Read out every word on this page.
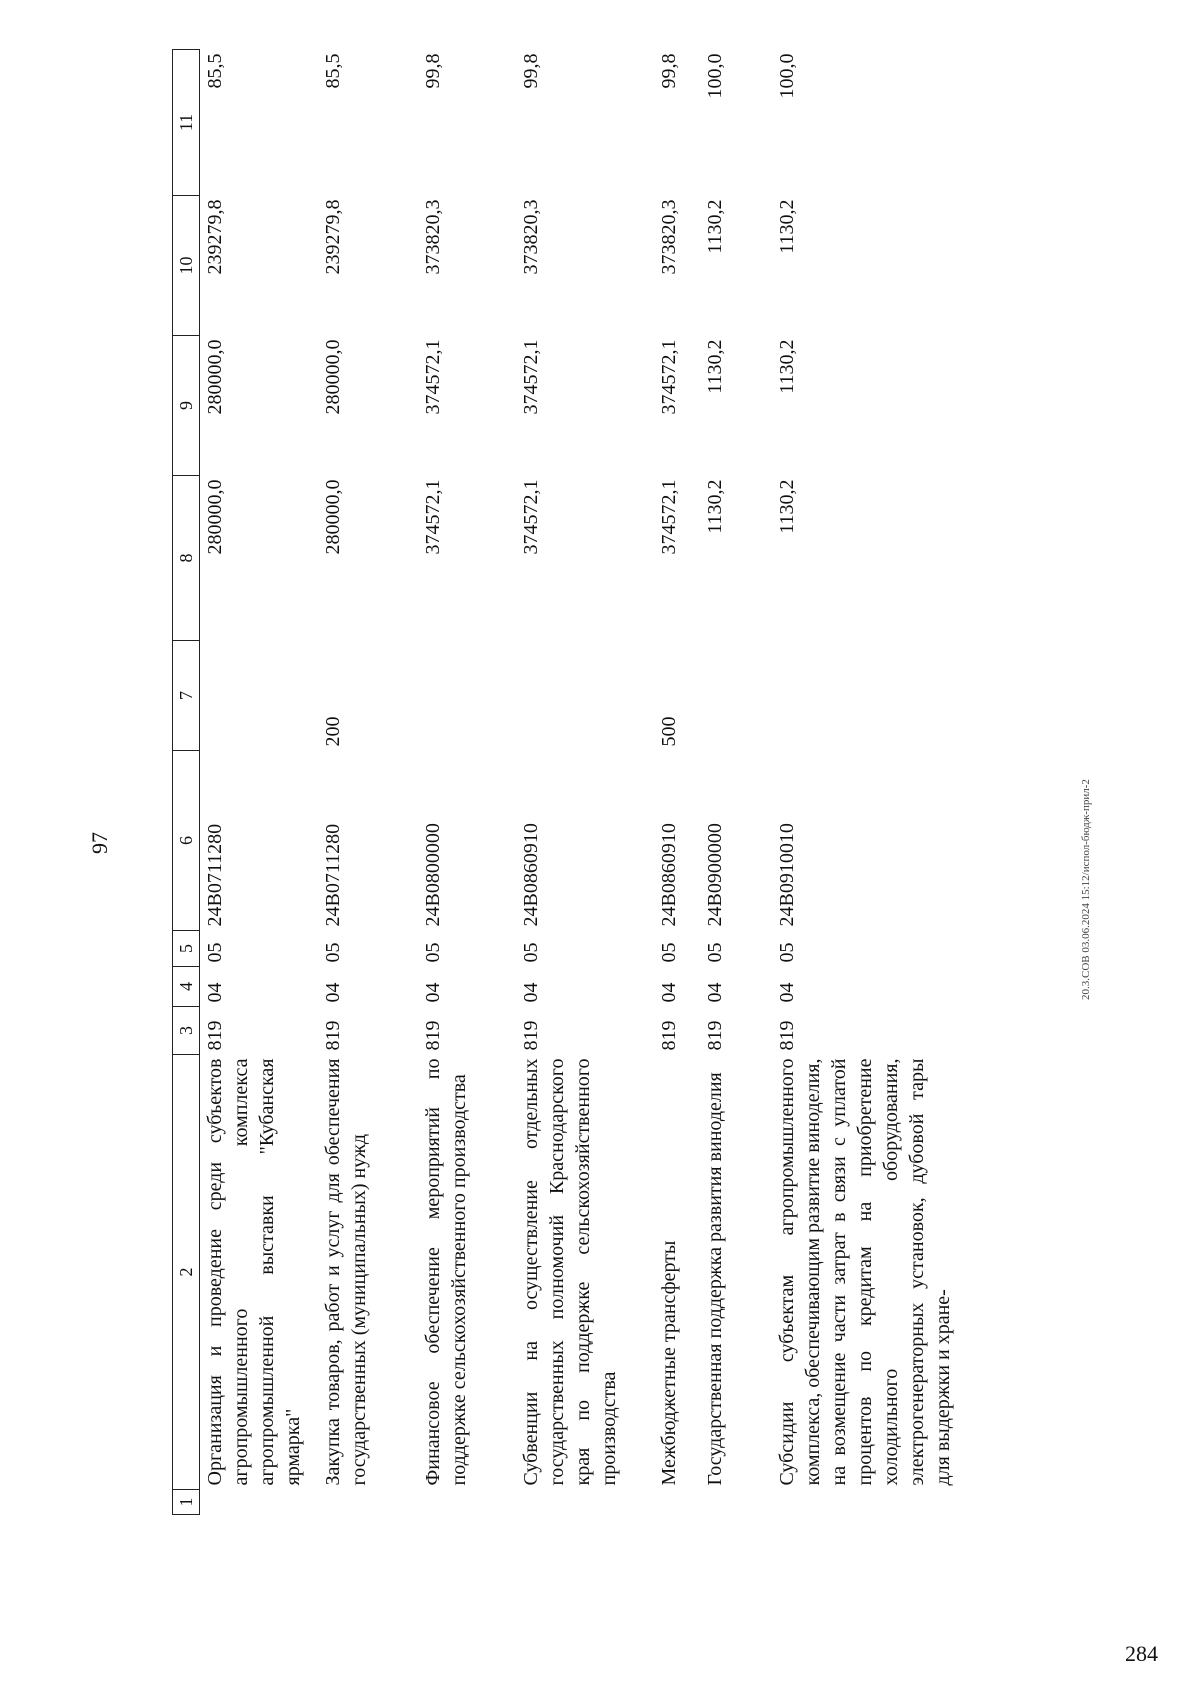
97	20.3.СОВ 03.06.2024 15:12/испол-бюдж-прил-2
284
1	2	3	4	5	6	7	8	9	10	11
	Организация и проведение среди субъектов агропромышленного комплекса агропромышленной выставки "Кубанская ярмарка"	819	04	05	24В0711280		280000,0	280000,0	239279,8	85,5
	Закупка товаров, работ и услуг для обеспечения государственных (муниципальных) нужд	819	04	05	24В0711280	200	280000,0	280000,0	239279,8	85,5
	Финансовое обеспечение мероприятий по поддержке сельскохозяйственного производства	819	04	05	24В0800000		374572,1	374572,1	373820,3	99,8
	Субвенции на осуществление отдельных государственных полномочий Краснодарского края по поддержке сельскохозяйственного производства	819	04	05	24В0860910		374572,1	374572,1	373820,3	99,8
	Межбюджетные трансферты	819	04	05	24В0860910	500	374572,1	374572,1	373820,3	99,8
	Государственная поддержка развития виноделия	819	04	05	24В0900000		1130,2	1130,2	1130,2	100,0
	Субсидии субъектам агропромышленного комплекса, обеспечивающим развитие виноделия, на возмещение части затрат в связи с уплатой процентов по кредитам на приобретение холодильного оборудования, электрогенераторных установок, дубовой тары для выдержки и хране-	819	04	05	24В0910010		1130,2	1130,2	1130,2	100,0
